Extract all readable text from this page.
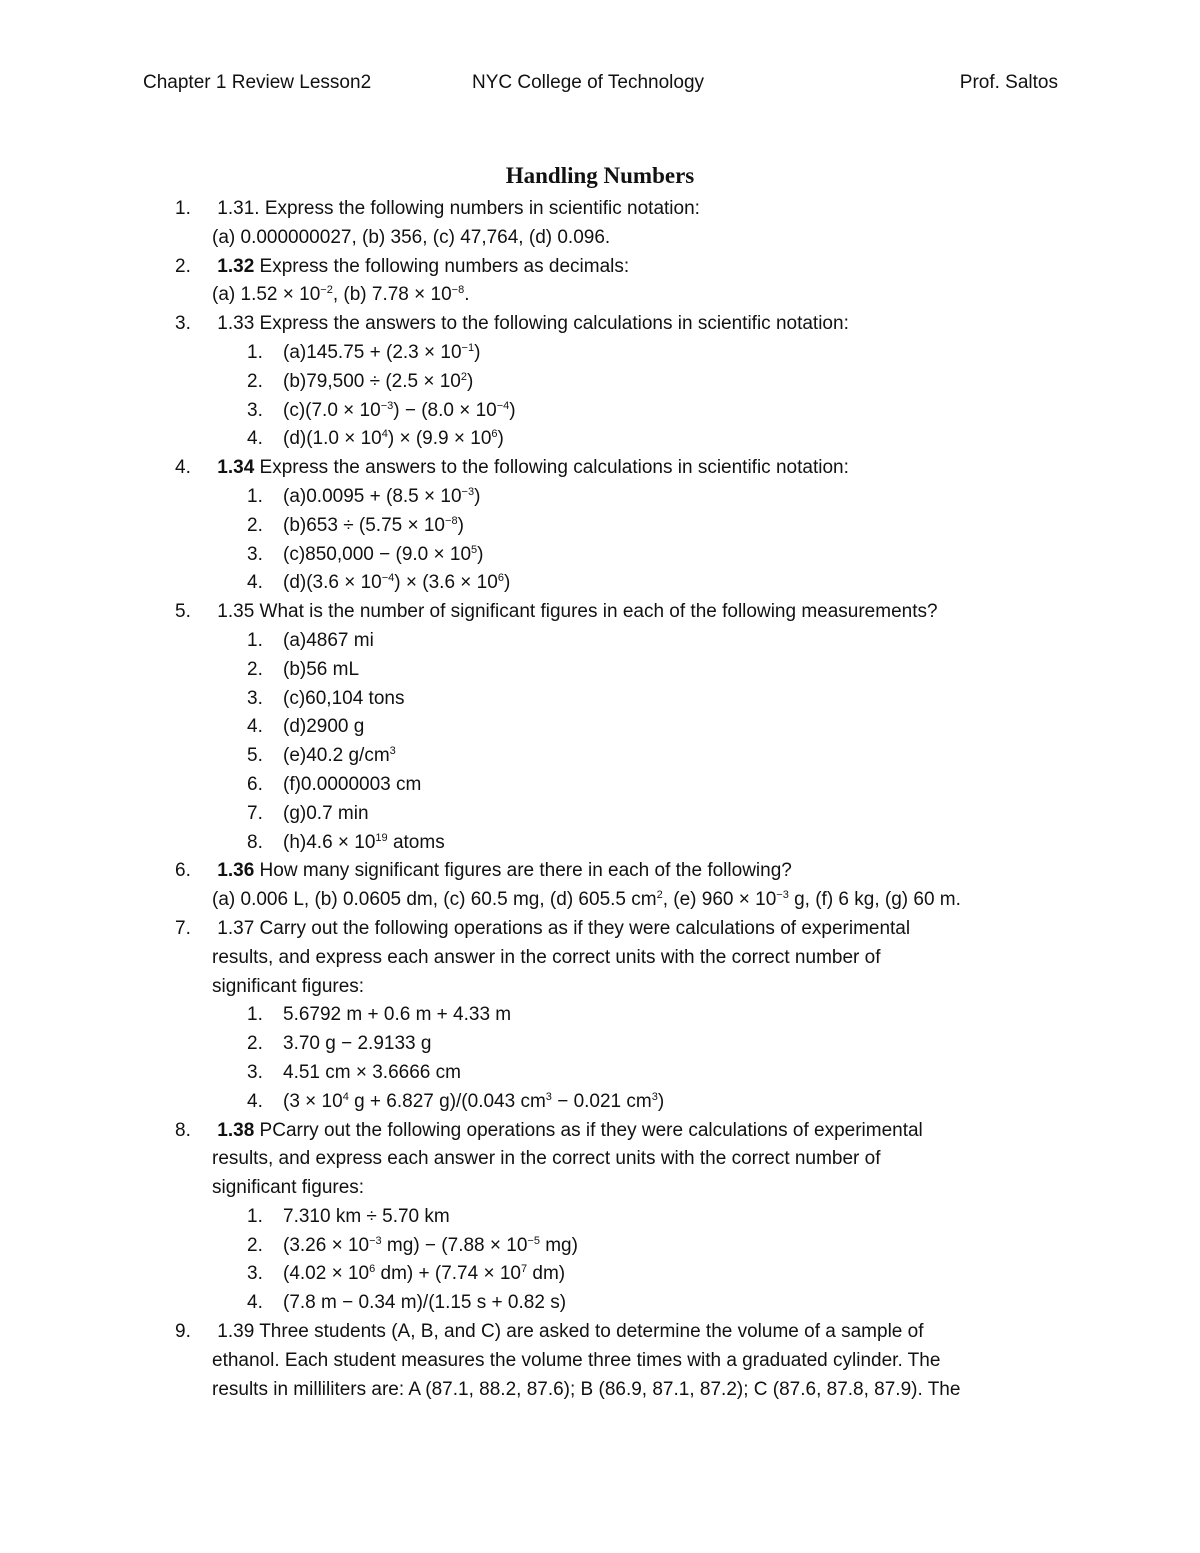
Chapter 1 Review Lesson2	NYC College of Technology	Prof. Saltos
Handling Numbers
1. 1.31. Express the following numbers in scientific notation:
(a) 0.000000027, (b) 356, (c) 47,764, (d) 0.096.
2. 1.32 Express the following numbers as decimals:
(a) $1.52 \times 10^{-2}$, (b) $7.78 \times 10^{-8}$.
3. 1.33 Express the answers to the following calculations in scientific notation:
1. $(a)145.75 + (2.3 \times 10^{-1})$
2. $(b)79,500 \div (2.5 \times 10^2)$
3. $(c)(7.0 \times 10^{-3}) - (8.0 \times 10^{-4})$
4. $(d)(1.0 \times 10^4) \times (9.9 \times 10^6)$
4. 1.34 Express the answers to the following calculations in scientific notation:
1. $(a)0.0095 + (8.5 \times 10^{-3})$
2. $(b)653 \div (5.75 \times 10^{-8})$
3. $(c)850,000 - (9.0 \times 10^5)$
4. $(d)(3.6 \times 10^{-4}) \times (3.6 \times 10^6)$
5. 1.35 What is the number of significant figures in each of the following measurements?
1. (a)4867 mi
2. (b)56 mL
3. (c)60,104 tons
4. (d)2900 g
5. (e)40.2 $g/cm^3$
6. (f)0.0000003 cm
7. (g)0.7 min
8. $(h)4.6 \times 10^{19}$ atoms
6. 1.36 How many significant figures are there in each of the following?
(a) 0.006 L, (b) 0.0605 dm, (c) 60.5 mg, (d) 605.5 $cm^2$, (e) $960 \times 10^{-3}$ g, (f) 6 kg, (g) 60 m.
7. 1.37 Carry out the following operations as if they were calculations of experimental
results, and express each answer in the correct units with the correct number of
significant figures:
1. 5.6792 m + 0.6 m + 4.33 m
2. 3.70 g − 2.9133 g
3. 4.51 cm × 3.6666 cm
4. ($3 \times 10^4$ g + 6.827 g)/(0.043 $cm^3 - 0.021$ $cm^3$)
8. 1.38 PCarry out the following operations as if they were calculations of experimental
results, and express each answer in the correct units with the correct number of
significant figures:
1. 7.310 km ÷ 5.70 km
2. ($3.26 \times 10^{-3}$ $mg) - (7.88 \times 10^{-5}$ mg)
3. ($4.02 \times 10^6$ $dm) + (7.74 \times 10^7$ dm)
4. (7.8 m − 0.34 m)/(1.15 s + 0.82 s)
9. 1.39 Three students (A, B, and C) are asked to determine the volume of a sample of
ethanol. Each student measures the volume three times with a graduated cylinder. The
results in milliliters are: A (87.1, 88.2, 87.6); B (86.9, 87.1, 87.2); C (87.6, 87.8, 87.9). The
